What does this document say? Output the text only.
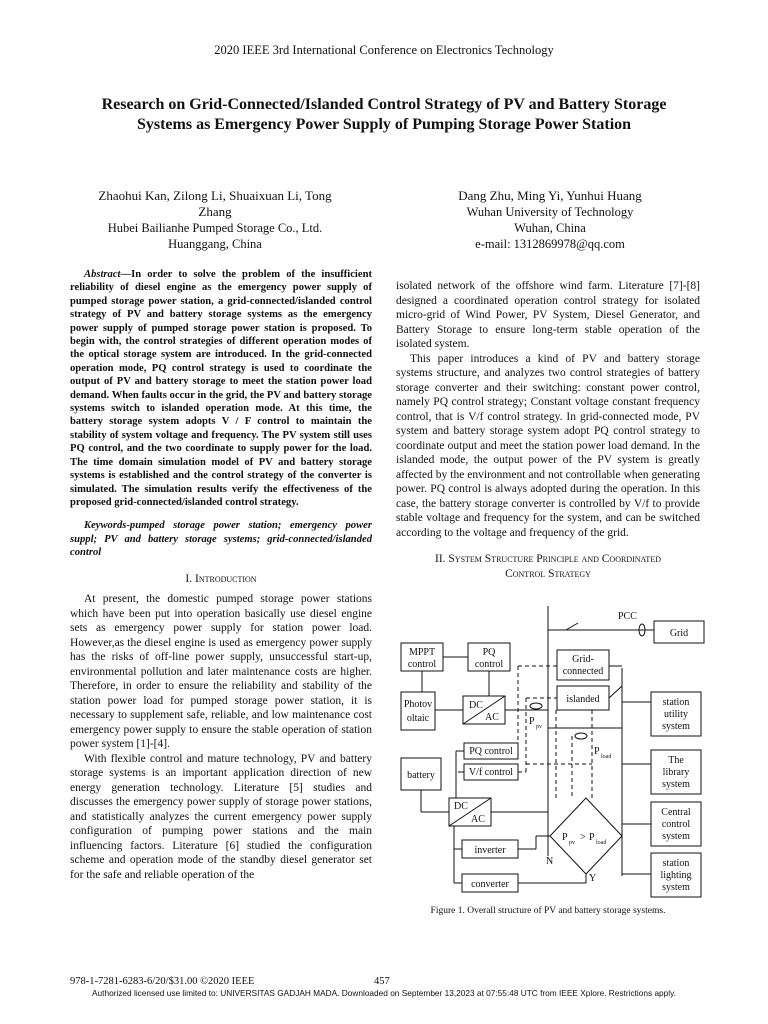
2020 IEEE 3rd International Conference on Electronics Technology
Research on Grid-Connected/Islanded Control Strategy of PV and Battery Storage
Systems as Emergency Power Supply of Pumping Storage Power Station
Zhaohui Kan, Zilong Li, Shuaixuan Li, Tong
Zhang
Hubei Bailianhe Pumped Storage Co., Ltd.
Huanggang, China
Dang Zhu, Ming Yi, Yunhui Huang
Wuhan University of Technology
Wuhan, China
e-mail: 1312869978@qq.com

Abstract—In order to solve the problem of the insufficient reliability of diesel engine as the emergency power supply of pumped storage power station, a grid-connected/islanded control strategy of PV and battery storage systems as the emergency power supply of pumped storage power station is proposed. To begin with, the control strategies of different operation modes of the optical storage system are introduced. In the grid-connected operation mode, PQ control strategy is used to coordinate the output of PV and battery storage to meet the station power load demand. When faults occur in the grid, the PV and battery storage systems switch to islanded operation mode. At this time, the battery storage system adopts V / F control to maintain the stability of system voltage and frequency. The PV system still uses PQ control, and the two coordinate to supply power for the load. The time domain simulation model of PV and battery storage systems is established and the control strategy of the converter is simulated. The simulation results verify the effectiveness of the proposed grid-connected/islanded control strategy.

Keywords-pumped storage power station; emergency power suppl; PV and battery storage systems; grid-connected/islanded control

I. Introduction

At present, the domestic pumped storage power stations which have been put into operation basically use diesel engine sets as emergency power supply for station power load. However,as the diesel engine is used as emergency power supply has the risks of off-line power supply, unsuccessful start-up, environmental pollution and later maintenance costs are higher. Therefore, in order to ensure the reliability and stability of the station power load for pumped storage power station, it is necessary to supplement safe, reliable, and low maintenance cost emergency power supply to ensure the stable operation of station power system [1]-[4].

With flexible control and mature technology, PV and battery storage systems is an important application direction of new energy generation technology. Literature [5] studies and discusses the emergency power supply of storage power stations, and statistically analyzes the current emergency power supply configuration of pumping power stations and the main influencing factors. Literature [6] studied the configuration scheme and operation mode of the standby diesel generator set for the safe and reliable operation of the

isolated network of the offshore wind farm. Literature [7]-[8] designed a coordinated operation control strategy for isolated micro-grid of Wind Power, PV System, Diesel Generator, and Battery Storage to ensure long-term stable operation of the isolated system.

This paper introduces a kind of PV and battery storage systems structure, and analyzes two control strategies of battery storage converter and their switching: constant power control, namely PQ control strategy; Constant voltage constant frequency control, that is V/f control strategy. In grid-connected mode, PV system and battery storage system adopt PQ control strategy to coordinate output and meet the station power load demand. In the islanded mode, the output power of the PV system is greatly affected by the environment and not controllable when generating power. PQ control is always adopted during the operation. In this case, the battery storage converter is controlled by V/f to provide stable voltage and frequency for the system, and can be switched according to the voltage and frequency of the grid.

II. System Structure Principle and Coordinated
Control Strategy

PCC
Grid
MPPT
control
PQ
control	Grid-
connected
islanded
Photov
oltaic
DC
AC	P pv
P load
PQ control
V/f control
battery
DC
AC
inverter
converter
P pv > P load
N
Y
station
utility
system
The
library
system
Central
control
system
station
lighting
system
Figure 1. Overall structure of PV and battery storage systems.
978-1-7281-6283-6/20/$31.00 ©2020 IEEE	457
Authorized licensed use limited to: UNIVERSITAS GADJAH MADA. Downloaded on September 13,2023 at 07:55:48 UTC from IEEE Xplore. Restrictions apply.
